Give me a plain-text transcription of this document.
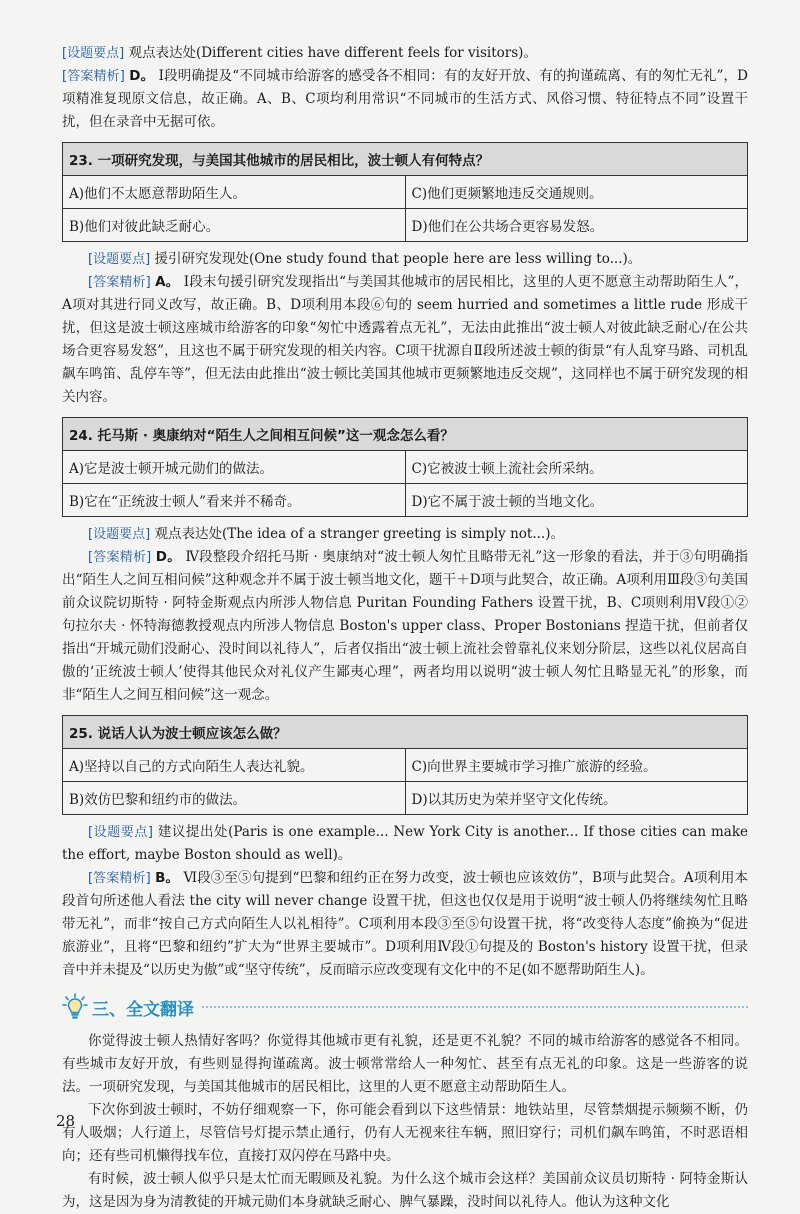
[设题要点] 观点表达处(Different cities have different feels for visitors)。

[答案精析] D。 Ⅰ段明确提及“不同城市给游客的感受各不相同：有的友好开放、有的拘谨疏离、有的匆忙无礼”，D项精准复现原文信息，故正确。A、B、C项均利用常识“不同城市的生活方式、风俗习惯、特征特点不同”设置干扰，但在录音中无据可依。

23. 一项研究发现，与美国其他城市的居民相比，波士顿人有何特点？	
A)他们不太愿意帮助陌生人。	C)他们更频繁地违反交通规则。
B)他们对彼此缺乏耐心。	D)他们在公共场合更容易发怒。

[设题要点] 援引研究发现处(One study found that people here are less willing to...)。

[答案精析] A。 Ⅰ段末句援引研究发现指出“与美国其他城市的居民相比，这里的人更不愿意主动帮助陌生人”，A项对其进行同义改写，故正确。B、D项利用本段⑥句的 seem hurried and sometimes a little rude 形成干扰，但这是波士顿这座城市给游客的印象“匆忙中透露着点无礼”，无法由此推出“波士顿人对彼此缺乏耐心/在公共场合更容易发怒”，且这也不属于研究发现的相关内容。C项干扰源自Ⅱ段所述波士顿的街景“有人乱穿马路、司机乱飙车鸣笛、乱停车等”，但无法由此推出“波士顿比美国其他城市更频繁地违反交规”，这同样也不属于研究发现的相关内容。

24. 托马斯 · 奥康纳对“陌生人之间相互问候”这一观念怎么看？	
A)它是波士顿开城元勋们的做法。	C)它被波士顿上流社会所采纳。
B)它在“正统波士顿人”看来并不稀奇。	D)它不属于波士顿的当地文化。

[设题要点] 观点表达处(The idea of a stranger greeting is simply not...)。

[答案精析] D。 Ⅳ段整段介绍托马斯 · 奥康纳对“波士顿人匆忙且略带无礼”这一形象的看法，并于③句明确指出“陌生人之间互相问候”这种观念并不属于波士顿当地文化，题干＋D项与此契合，故正确。A项利用Ⅲ段③句美国前众议院切斯特 · 阿特金斯观点内所涉人物信息 Puritan Founding Fathers 设置干扰，B、C项则利用Ⅴ段①②句拉尔夫 · 怀特海德教授观点内所涉人物信息 Boston's upper class、Proper Bostonians 捏造干扰，但前者仅指出“开城元勋们没耐心、没时间以礼待人”，后者仅指出“波士顿上流社会曾靠礼仪来划分阶层，这些以礼仪居高自傲的‘正统波士顿人’使得其他民众对礼仪产生鄙夷心理”，两者均用以说明“波士顿人匆忙且略显无礼”的形象，而非“陌生人之间互相问候”这一观念。

25. 说话人认为波士顿应该怎么做？	
A)坚持以自己的方式向陌生人表达礼貌。	C)向世界主要城市学习推广旅游的经验。
B)效仿巴黎和纽约市的做法。	D)以其历史为荣并坚守文化传统。

[设题要点] 建议提出处(Paris is one example... New York City is another... If those cities can make the effort, maybe Boston should as well)。

[答案精析] B。 Ⅵ段③至⑤句提到“巴黎和纽约正在努力改变，波士顿也应该效仿”，B项与此契合。A项利用本段首句所述他人看法 the city will never change 设置干扰，但这也仅仅是用于说明“波士顿人仍将继续匆忙且略带无礼”，而非“按自己方式向陌生人以礼相待”。C项利用本段③至⑤句设置干扰，将“改变待人态度”偷换为“促进旅游业”，且将“巴黎和纽约”扩大为“世界主要城市”。D项利用Ⅳ段①句提及的 Boston's history 设置干扰，但录音中并未提及“以历史为傲”或“坚守传统”，反而暗示应改变现有文化中的不足(如不愿帮助陌生人)。

三、全文翻译

你觉得波士顿人热情好客吗？你觉得其他城市更有礼貌，还是更不礼貌？不同的城市给游客的感觉各不相同。有些城市友好开放，有些则显得拘谨疏离。波士顿常常给人一种匆忙、甚至有点无礼的印象。这是一些游客的说法。一项研究发现，与美国其他城市的居民相比，这里的人更不愿意主动帮助陌生人。

下次你到波士顿时，不妨仔细观察一下，你可能会看到以下这些情景：地铁站里，尽管禁烟提示频频不断，仍有人吸烟；人行道上，尽管信号灯提示禁止通行，仍有人无视来往车辆，照旧穿行；司机们飙车鸣笛，不时恶语相向；还有些司机懒得找车位，直接打双闪停在马路中央。

有时候，波士顿人似乎只是太忙而无暇顾及礼貌。为什么这个城市会这样？美国前众议员切斯特 · 阿特金斯认为，这是因为身为清教徒的开城元勋们本身就缺乏耐心、脾气暴躁，没时间以礼待人。他认为这种文化

28
